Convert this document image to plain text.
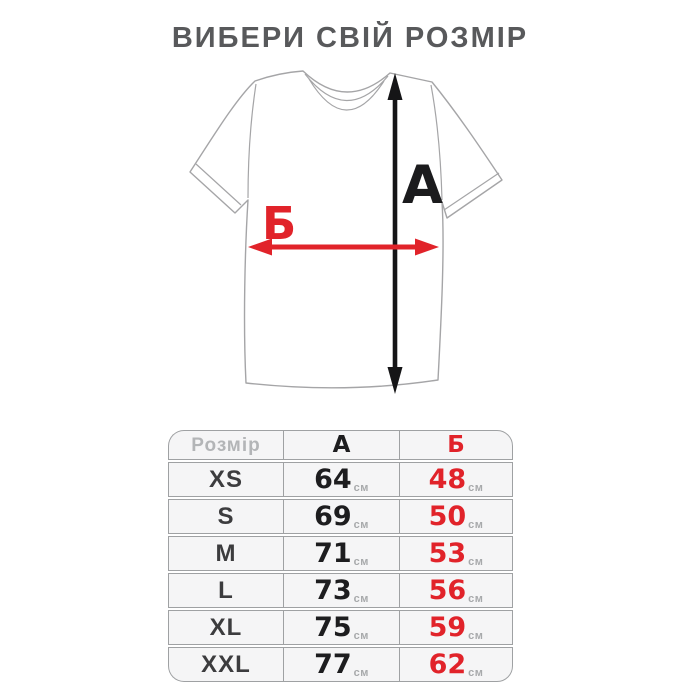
ВИБЕРИ СВІЙ РОЗМІР
А
Б
Розмір	А	Б
XS	64 см	48 см
S	69 см	50 см
M	71 см	53 см
L	73 см	56 см
XL	75 см	59 см
XXL	77 см	62 см
